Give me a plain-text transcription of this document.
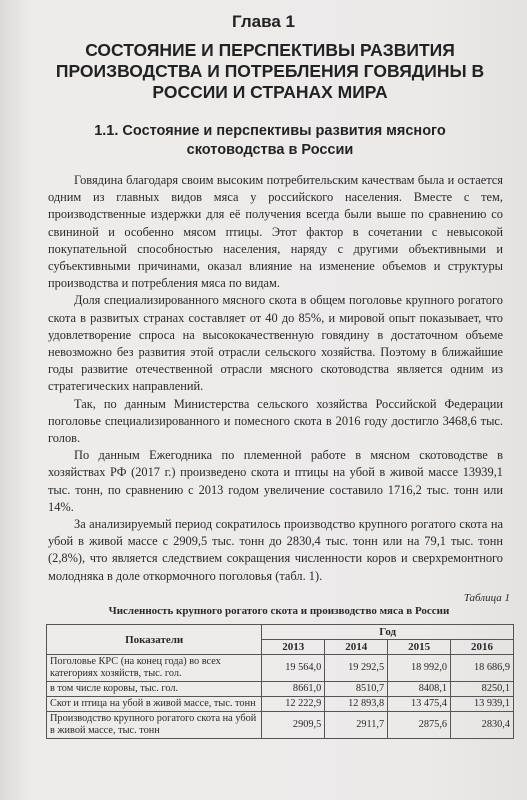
Глава 1
СОСТОЯНИЕ И ПЕРСПЕКТИВЫ РАЗВИТИЯ ПРОИЗВОДСТВА И ПОТРЕБЛЕНИЯ ГОВЯДИНЫ В РОССИИ И СТРАНАХ МИРА
1.1. Состояние и перспективы развития мясного скотоводства в России

Говядина благодаря своим высоким потребительским качествам была и остается одним из главных видов мяса у российского населения. Вместе с тем, производственные издержки для её получения всегда были выше по сравнению со свининой и особенно мясом птицы. Этот фактор в сочетании с невысокой покупательной способностью населения, наряду с другими объективными и субъективными причинами, оказал влияние на изменение объемов и структуры производства и потребления мяса по видам.

Доля специализированного мясного скота в общем поголовье крупного рогатого скота в развитых странах составляет от 40 до 85%, и мировой опыт показывает, что удовлетворение спроса на высококачественную говядину в достаточном объеме невозможно без развития этой отрасли сельского хозяйства. Поэтому в ближайшие годы развитие отечественной отрасли мясного скотоводства является одним из стратегических направлений.

Так, по данным Министерства сельского хозяйства Российской Федерации поголовье специализированного и помесного скота в 2016 году достигло 3468,6 тыс. голов.

По данным Ежегодника по племенной работе в мясном скотоводстве в хозяйствах РФ (2017 г.) произведено скота и птицы на убой в живой массе 13939,1 тыс. тонн, по сравнению с 2013 годом увеличение составило 1716,2 тыс. тонн или 14%.

За анализируемый период сократилось производство крупного рогатого скота на убой в живой массе с 2909,5 тыс. тонн до 2830,4 тыс. тонн или на 79,1 тыс. тонн (2,8%), что является следствием сокращения численности коров и сверхремонтного молодняка в доле откормочного поголовья (табл. 1).

Таблица 1
Численность крупного рогатого скота и производство мяса в России
Показатели	Год			
	2013	2014	2015	2016
Поголовье КРС (на конец года) во всех категориях хозяйств, тыс. гол.	19 564,0	19 292,5	18 992,0	18 686,9
в том числе коровы, тыс. гол.	8661,0	8510,7	8408,1	8250,1
Скот и птица на убой в живой массе, тыс. тонн	12 222,9	12 893,8	13 475,4	13 939,1
Производство крупного рогатого скота на убой в живой массе, тыс. тонн	2909,5	2911,7	2875,6	2830,4
